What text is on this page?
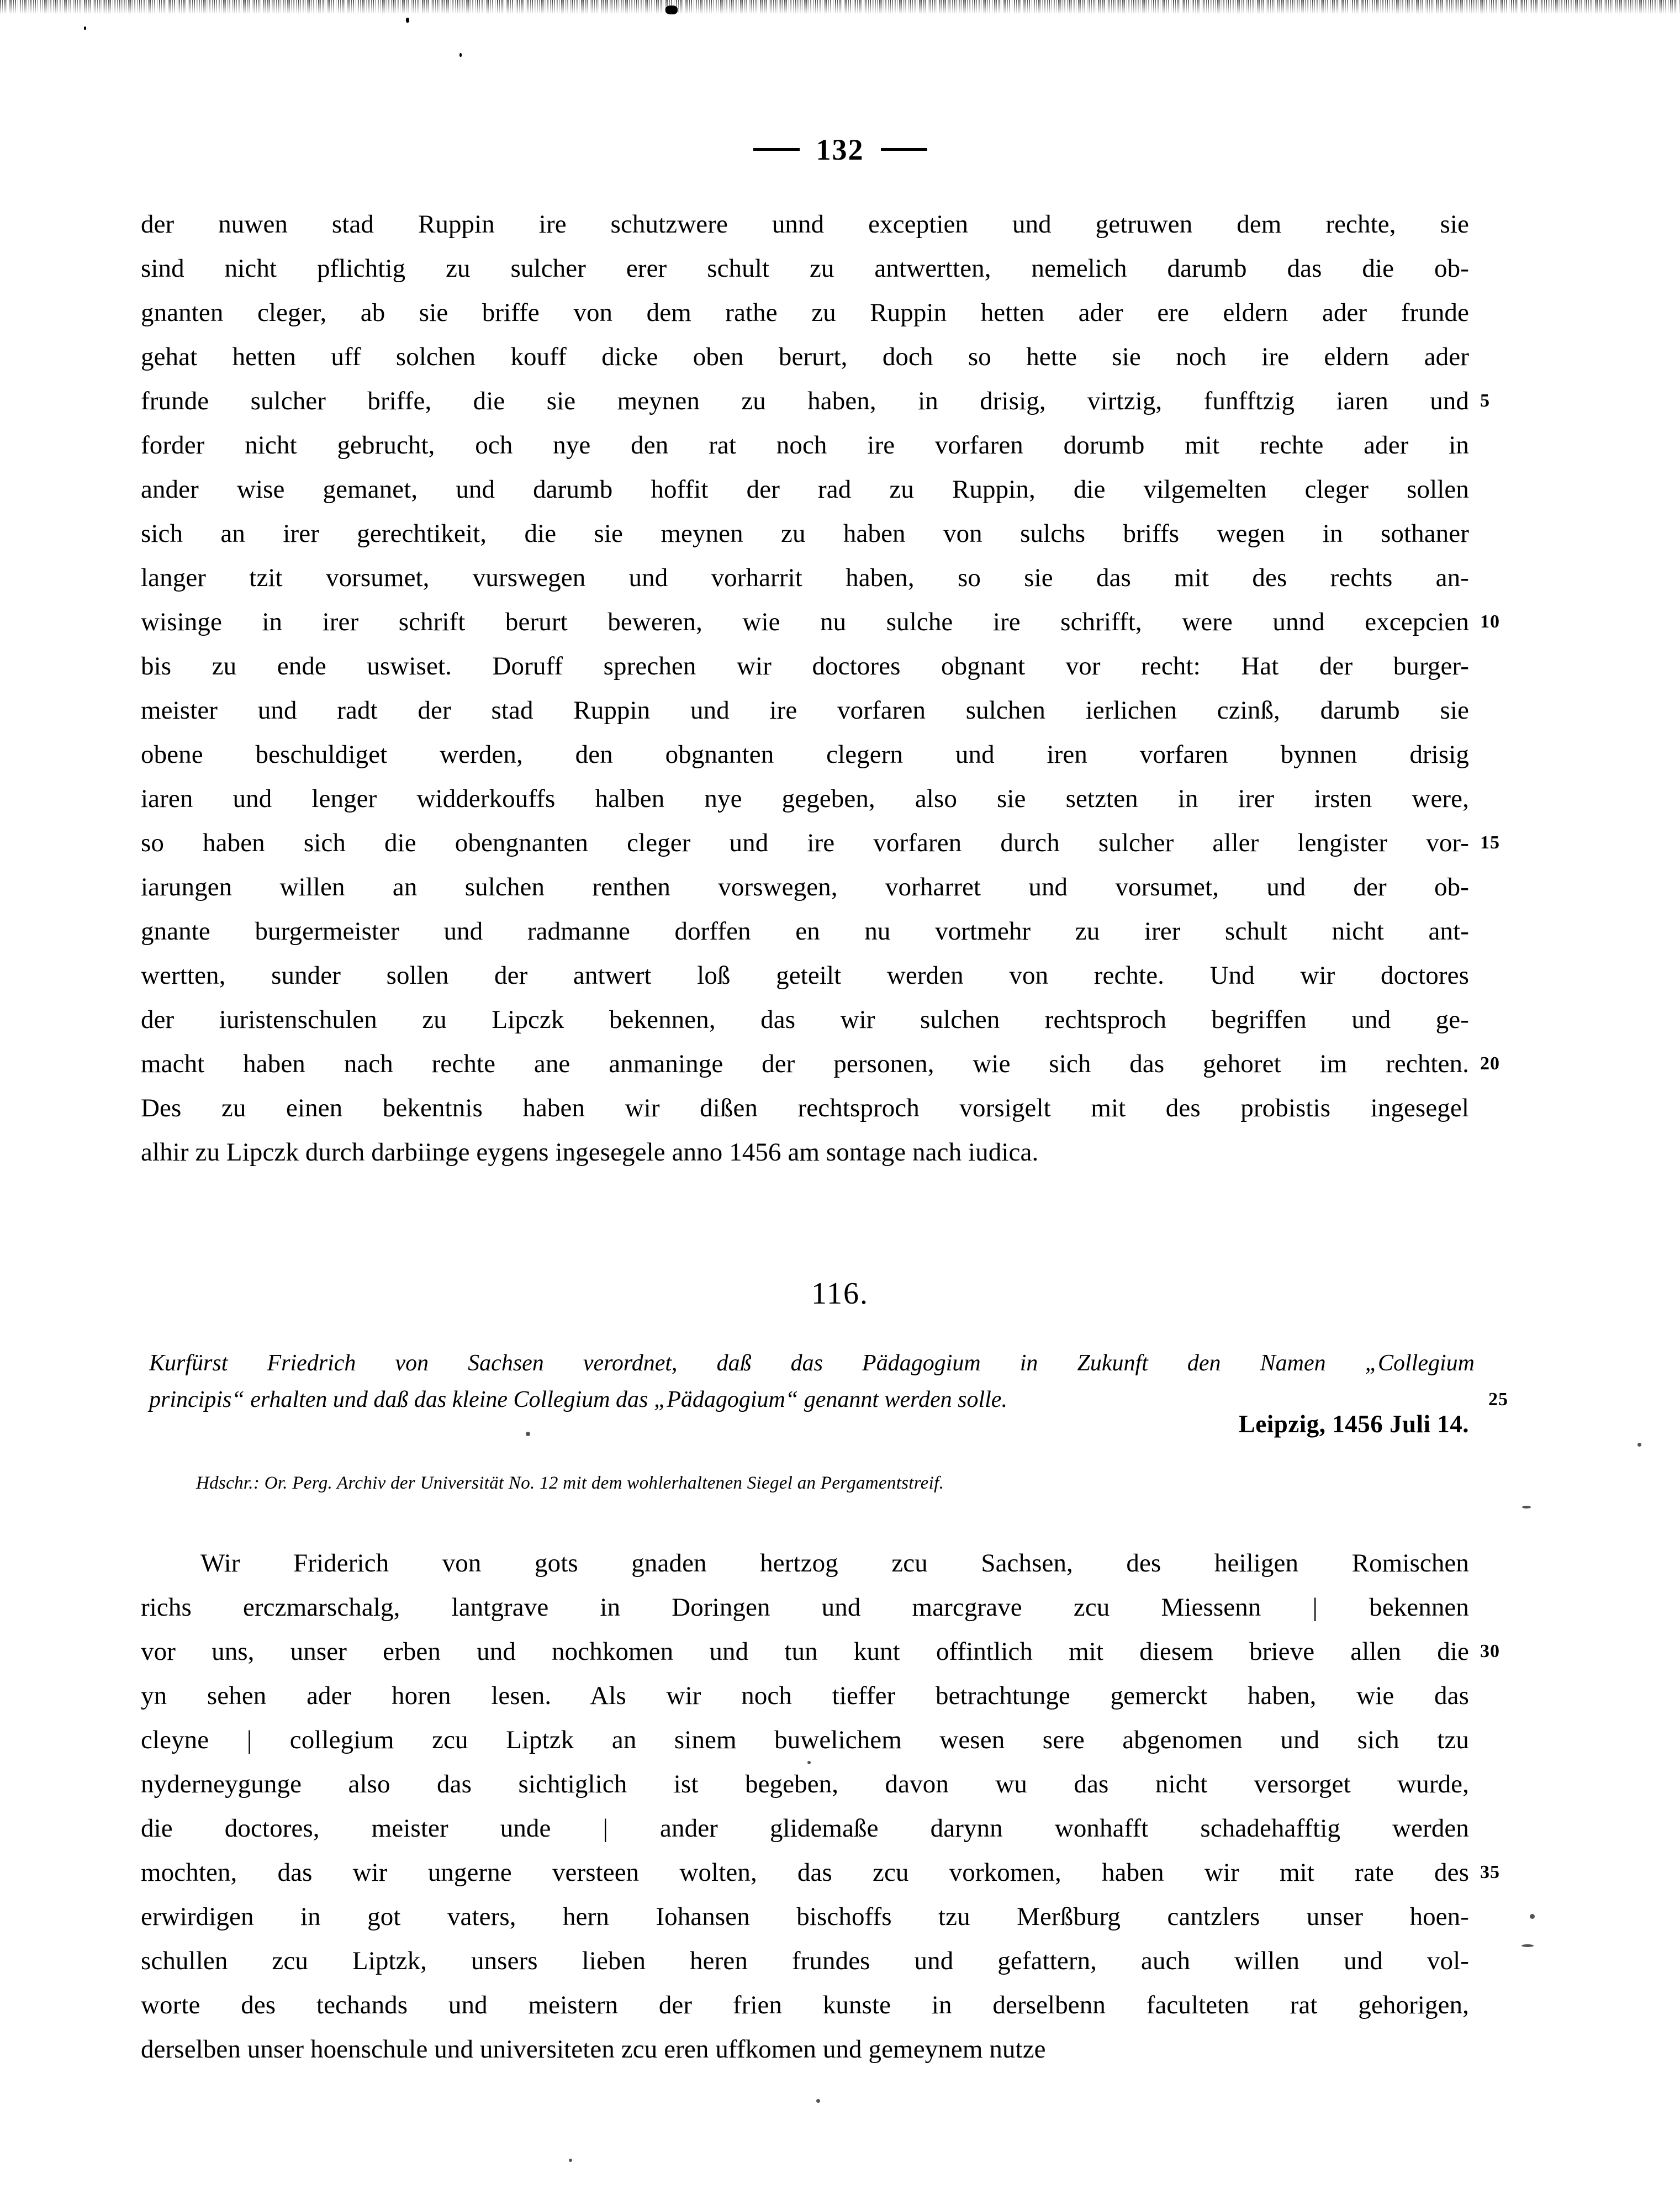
132
der nuwen stad Ruppin ire schutzwere unnd exceptien und getruwen dem rechte, sie
sind nicht pflichtig zu sulcher erer schult zu antwertten, nemelich darumb das die ob-
gnanten cleger, ab sie briffe von dem rathe zu Ruppin hetten ader ere eldern ader frunde
gehat hetten uff solchen kouff dicke oben berurt, doch so hette sie noch ire eldern ader
frunde sulcher briffe, die sie meynen zu haben, in drisig, virtzig, funfftzig iaren und 5
forder nicht gebrucht, och nye den rat noch ire vorfaren dorumb mit rechte ader in
ander wise gemanet, und darumb hoffit der rad zu Ruppin, die vilgemelten cleger sollen
sich an irer gerechtikeit, die sie meynen zu haben von sulchs briffs wegen in sothaner
langer tzit vorsumet, vurswegen und vorharrit haben, so sie das mit des rechts an-
wisinge in irer schrift berurt beweren, wie nu sulche ire schrifft, were unnd excepcien 10
bis zu ende uswiset. Doruff sprechen wir doctores obgnant vor recht: Hat der burger-
meister und radt der stad Ruppin und ire vorfaren sulchen ierlichen czinß, darumb sie
obene beschuldiget werden, den obgnanten clegern und iren vorfaren bynnen drisig
iaren und lenger widderkouffs halben nye gegeben, also sie setzten in irer irsten were,
so haben sich die obengnanten cleger und ire vorfaren durch sulcher aller lengister vor- 15
iarungen willen an sulchen renthen vorswegen, vorharret und vorsumet, und der ob-
gnante burgermeister und radmanne dorffen en nu vortmehr zu irer schult nicht ant-
wertten, sunder sollen der antwert loß geteilt werden von rechte. Und wir doctores
der iuristenschulen zu Lipczk bekennen, das wir sulchen rechtsproch begriffen und ge-
macht haben nach rechte ane anmaninge der personen, wie sich das gehoret im rechten. 20
Des zu einen bekentnis haben wir dißen rechtsproch vorsigelt mit des probistis ingesegel
alhir zu Lipczk durch darbiinge eygens ingesegele anno 1456 am sontage nach iudica.
116.
Kurfürst Friedrich von Sachsen verordnet, daß das Pädagogium in Zukunft den Namen „Collegium
principis“ erhalten und daß das kleine Collegium das „Pädagogium“ genannt werden solle.	25
Leipzig, 1456 Juli 14.
Hdschr.: Or. Perg. Archiv der Universität No. 12 mit dem wohlerhaltenen Siegel an Pergamentstreif.
Wir Friderich von gots gnaden hertzog zcu Sachsen, des heiligen Romischen
richs erczmarschalg, lantgrave in Doringen und marcgrave zcu Miessenn | bekennen
vor uns, unser erben und nochkomen und tun kunt offintlich mit diesem brieve allen die 30
yn sehen ader horen lesen. Als wir noch tieffer betrachtunge gemerckt haben, wie das
cleyne | collegium zcu Liptzk an sinem buwelichem wesen sere abgenomen und sich tzu
nyderneygunge also das sichtiglich ist begeben, davon wu das nicht versorget wurde,
die doctores, meister unde | ander glidemaße darynn wonhafft schadehafftig werden
mochten, das wir ungerne versteen wolten, das zcu vorkomen, haben wir mit rate des 35
erwirdigen in got vaters, hern Iohansen bischoffs tzu Merßburg cantzlers unser hoen-
schullen zcu Liptzk, unsers lieben heren frundes und gefattern, auch willen und vol-
worte des techands und meistern der frien kunste in derselbenn faculteten rat gehorigen,
derselben unser hoenschule und universiteten zcu eren uffkomen und gemeynem nutze
